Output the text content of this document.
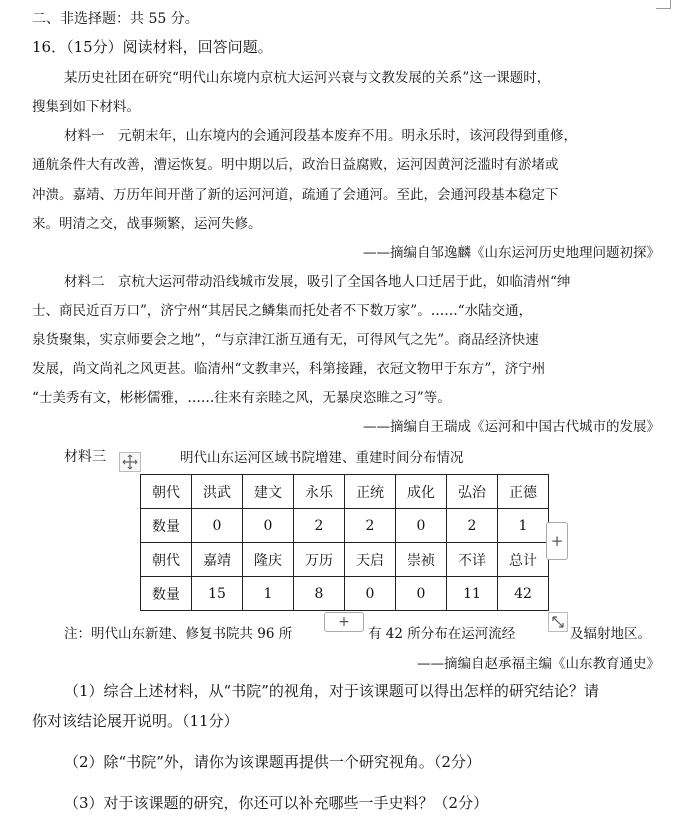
二、非选择题：共 55 分。
16．（15分）阅读材料，回答问题。
某历史社团在研究“明代山东境内京杭大运河兴衰与文教发展的关系”这一课题时，
搜集到如下材料。
材料一　元朝末年，山东境内的会通河段基本废弃不用。明永乐时，该河段得到重修，
通航条件大有改善，漕运恢复。明中期以后，政治日益腐败，运河因黄河泛滥时有淤堵或
冲溃。嘉靖、万历年间开凿了新的运河河道，疏通了会通河。至此，会通河段基本稳定下
来。明清之交，战事频繁，运河失修。
——摘编自邹逸麟《山东运河历史地理问题初探》
材料二　京杭大运河带动沿线城市发展，吸引了全国各地人口迁居于此，如临清州“绅
士、商民近百万口”，济宁州“其居民之鳞集而托处者不下数万家”。……“水陆交通，
泉货聚集，实京师要会之地”，“与京津江浙互通有无，可得风气之先”。商品经济快速
发展，尚文尚礼之风更甚。临清州“文教聿兴，科第接踵，衣冠文物甲于东方”，济宁州
“士美秀有文，彬彬儒雅，……往来有亲睦之风，无暴戾恣睢之习”等。
——摘编自王瑞成《运河和中国古代城市的发展》
材料三	明代山东运河区域书院增建、重建时间分布情况
朝代	洪武	建文	永乐	正统	成化	弘治	正德
数量	0	0	2	2	0	2	1
朝代	嘉靖	隆庆	万历	天启	崇祯	不详	总计
数量	15	1	8	0	0	11	42
+
注：明代山东新建、修复书院共 96 所
+
有 42 所分布在运河流经	及辐射地区。
——摘编自赵承福主编《山东教育通史》
（1）综合上述材料，从“书院”的视角，对于该课题可以得出怎样的研究结论？请
你对该结论展开说明。（11分）
（2）除“书院”外，请你为该课题再提供一个研究视角。（2分）
（3）对于该课题的研究，你还可以补充哪些一手史料？（2分）
